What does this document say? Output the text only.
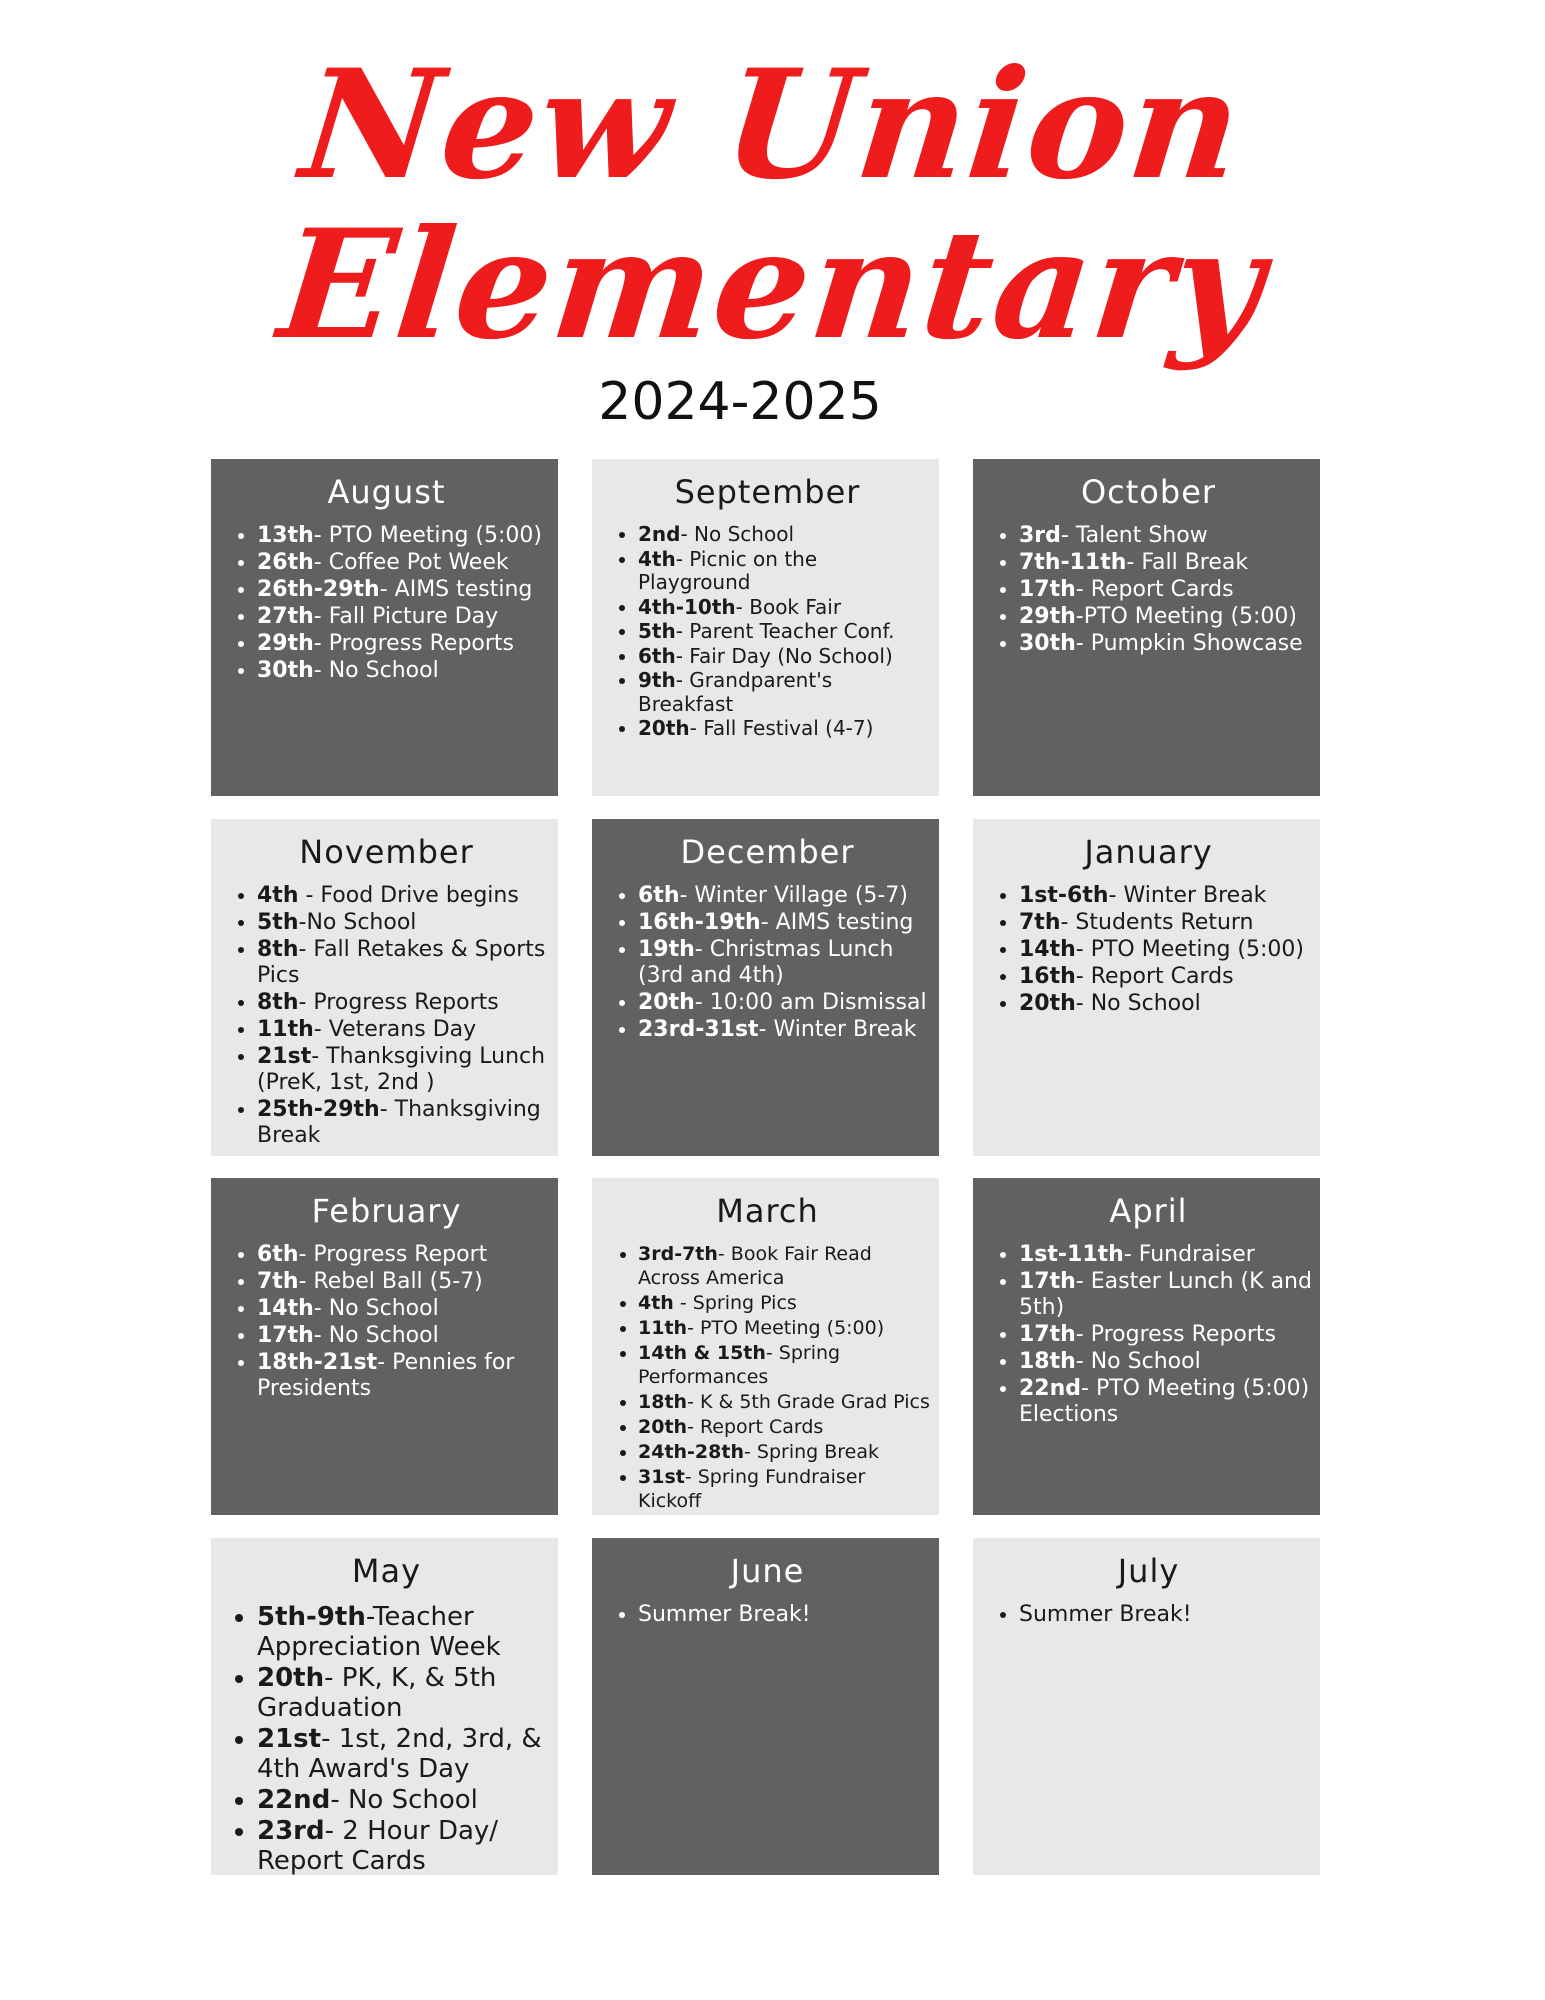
New Union
Elementary
2024-2025
August
• 13th- PTO Meeting (5:00)
• 26th- Coffee Pot Week
• 26th-29th- AIMS testing
• 27th- Fall Picture Day
• 29th- Progress Reports
• 30th- No School
September
• 2nd- No School
• 4th- Picnic on the Playground
• 4th-10th- Book Fair
• 5th- Parent Teacher Conf.
• 6th- Fair Day (No School)
• 9th- Grandparent's Breakfast
• 20th- Fall Festival (4-7)
October
• 3rd- Talent Show
• 7th-11th- Fall Break
• 17th- Report Cards
• 29th-PTO Meeting (5:00)
• 30th- Pumpkin Showcase
November
• 4th - Food Drive begins
• 5th-No School
• 8th- Fall Retakes & Sports Pics
• 8th- Progress Reports
• 11th- Veterans Day
• 21st- Thanksgiving Lunch (PreK, 1st, 2nd )
• 25th-29th- Thanksgiving Break
December
• 6th- Winter Village (5-7)
• 16th-19th- AIMS testing
• 19th- Christmas Lunch (3rd and 4th)
• 20th- 10:00 am Dismissal
• 23rd-31st- Winter Break
January
• 1st-6th- Winter Break
• 7th- Students Return
• 14th- PTO Meeting (5:00)
• 16th- Report Cards
• 20th- No School
February
• 6th- Progress Report
• 7th- Rebel Ball (5-7)
• 14th- No School
• 17th- No School
• 18th-21st- Pennies for Presidents
March
• 3rd-7th- Book Fair Read Across America
• 4th - Spring Pics
• 11th- PTO Meeting (5:00)
• 14th & 15th- Spring Performances
• 18th- K & 5th Grade Grad Pics
• 20th- Report Cards
• 24th-28th- Spring Break
• 31st- Spring Fundraiser Kickoff
April
• 1st-11th- Fundraiser
• 17th- Easter Lunch (K and 5th)
• 17th- Progress Reports
• 18th- No School
• 22nd- PTO Meeting (5:00) Elections
May
• 5th-9th-Teacher Appreciation Week
• 20th- PK, K, & 5th Graduation
• 21st- 1st, 2nd, 3rd, & 4th Award's Day
• 22nd- No School
• 23rd- 2 Hour Day/ Report Cards
June
• Summer Break!
July
• Summer Break!
